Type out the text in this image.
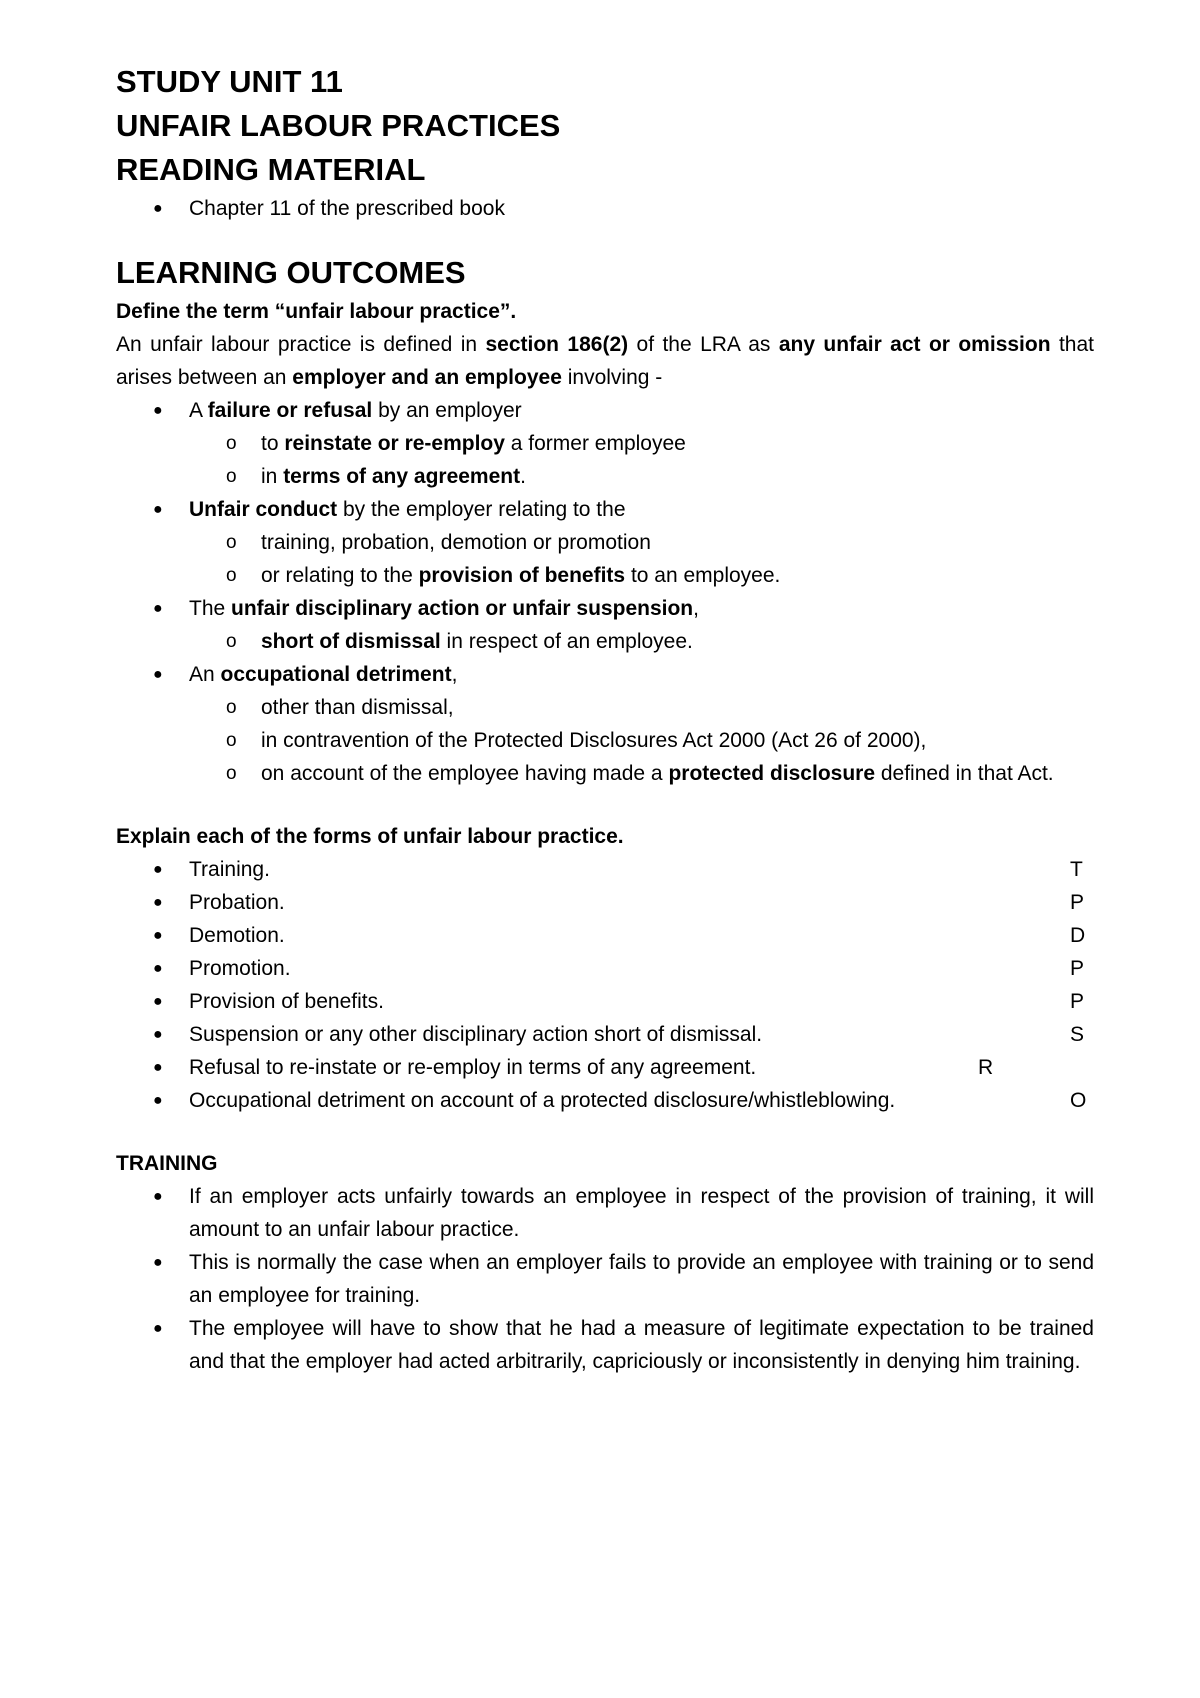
STUDY UNIT 11
UNFAIR LABOUR PRACTICES
READING MATERIAL
● Chapter 11 of the prescribed book
LEARNING OUTCOMES

Define the term “unfair labour practice”.

An unfair labour practice is defined in section 186(2) of the LRA as any unfair act or omission that arises between an employer and an employee involving -

● A failure or refusal by an employer
o to reinstate or re-employ a former employee
o in terms of any agreement.
● Unfair conduct by the employer relating to the
o training, probation, demotion or promotion
o or relating to the provision of benefits to an employee.
● The unfair disciplinary action or unfair suspension,
o short of dismissal in respect of an employee.
● An occupational detriment,
o other than dismissal,
o in contravention of the Protected Disclosures Act 2000 (Act 26 of 2000),
o on account of the employee having made a protected disclosure defined in that Act.

Explain each of the forms of unfair labour practice.

● Training.	T
● Probation.	P
● Demotion.	D
● Promotion.	P
● Provision of benefits.	P
● Suspension or any other disciplinary action short of dismissal.	S
● Refusal to re-instate or re-employ in terms of any agreement.	R
● Occupational detriment on account of a protected disclosure/whistleblowing.	O

TRAINING

● If an employer acts unfairly towards an employee in respect of the provision of training, it will amount to an unfair labour practice.
● This is normally the case when an employer fails to provide an employee with training or to send an employee for training.
● The employee will have to show that he had a measure of legitimate expectation to be trained and that the employer had acted arbitrarily, capriciously or inconsistently in denying him training.
